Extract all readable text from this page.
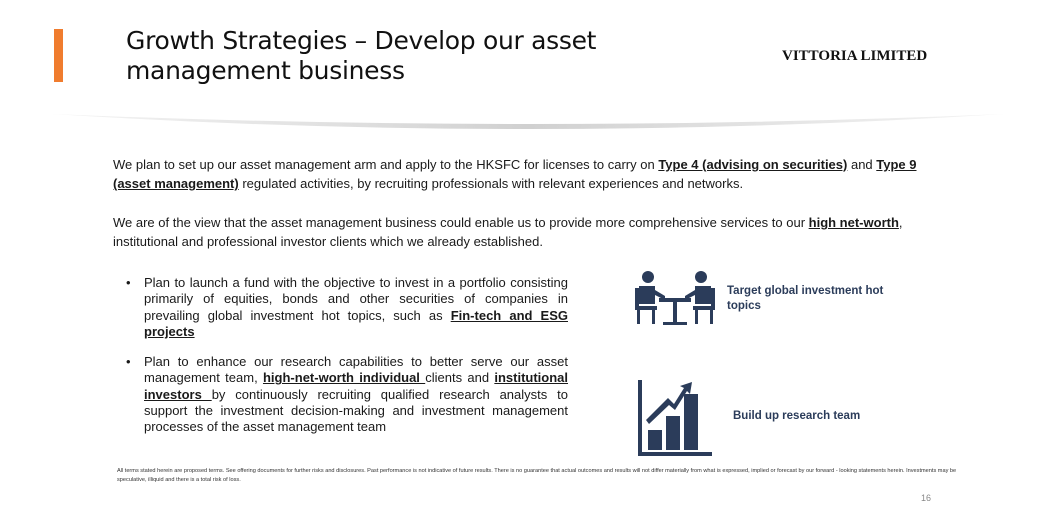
Growth Strategies – Develop our asset management business	VITTORIA LIMITED
We plan to set up our asset management arm and apply to the HKSFC for licenses to carry on Type 4 (advising on securities) and Type 9 (asset management) regulated activities, by recruiting professionals with relevant experiences and networks.
We are of the view that the asset management business could enable us to provide more comprehensive services to our high net-worth, institutional and professional investor clients which we already established.
• Plan to launch a fund with the objective to invest in a portfolio consisting primarily of equities, bonds and other securities of companies in prevailing global investment hot topics, such as Fin-tech and ESG projects
• Plan to enhance our research capabilities to better serve our asset management team, high-net-worth individual clients and institutional investors by continuously recruiting qualified research analysts to support the investment decision-making and investment management processes of the asset management team
Target global investment hot topics
Build up research team
All terms stated herein are proposed terms. See offering documents for further risks and disclosures. Past performance is not indicative of future results. There is no guarantee that actual outcomes and results will not differ materially from what is expressed, implied or forecast by our forward - looking statements herein. Investments may be speculative, illiquid and there is a total risk of loss.
16
